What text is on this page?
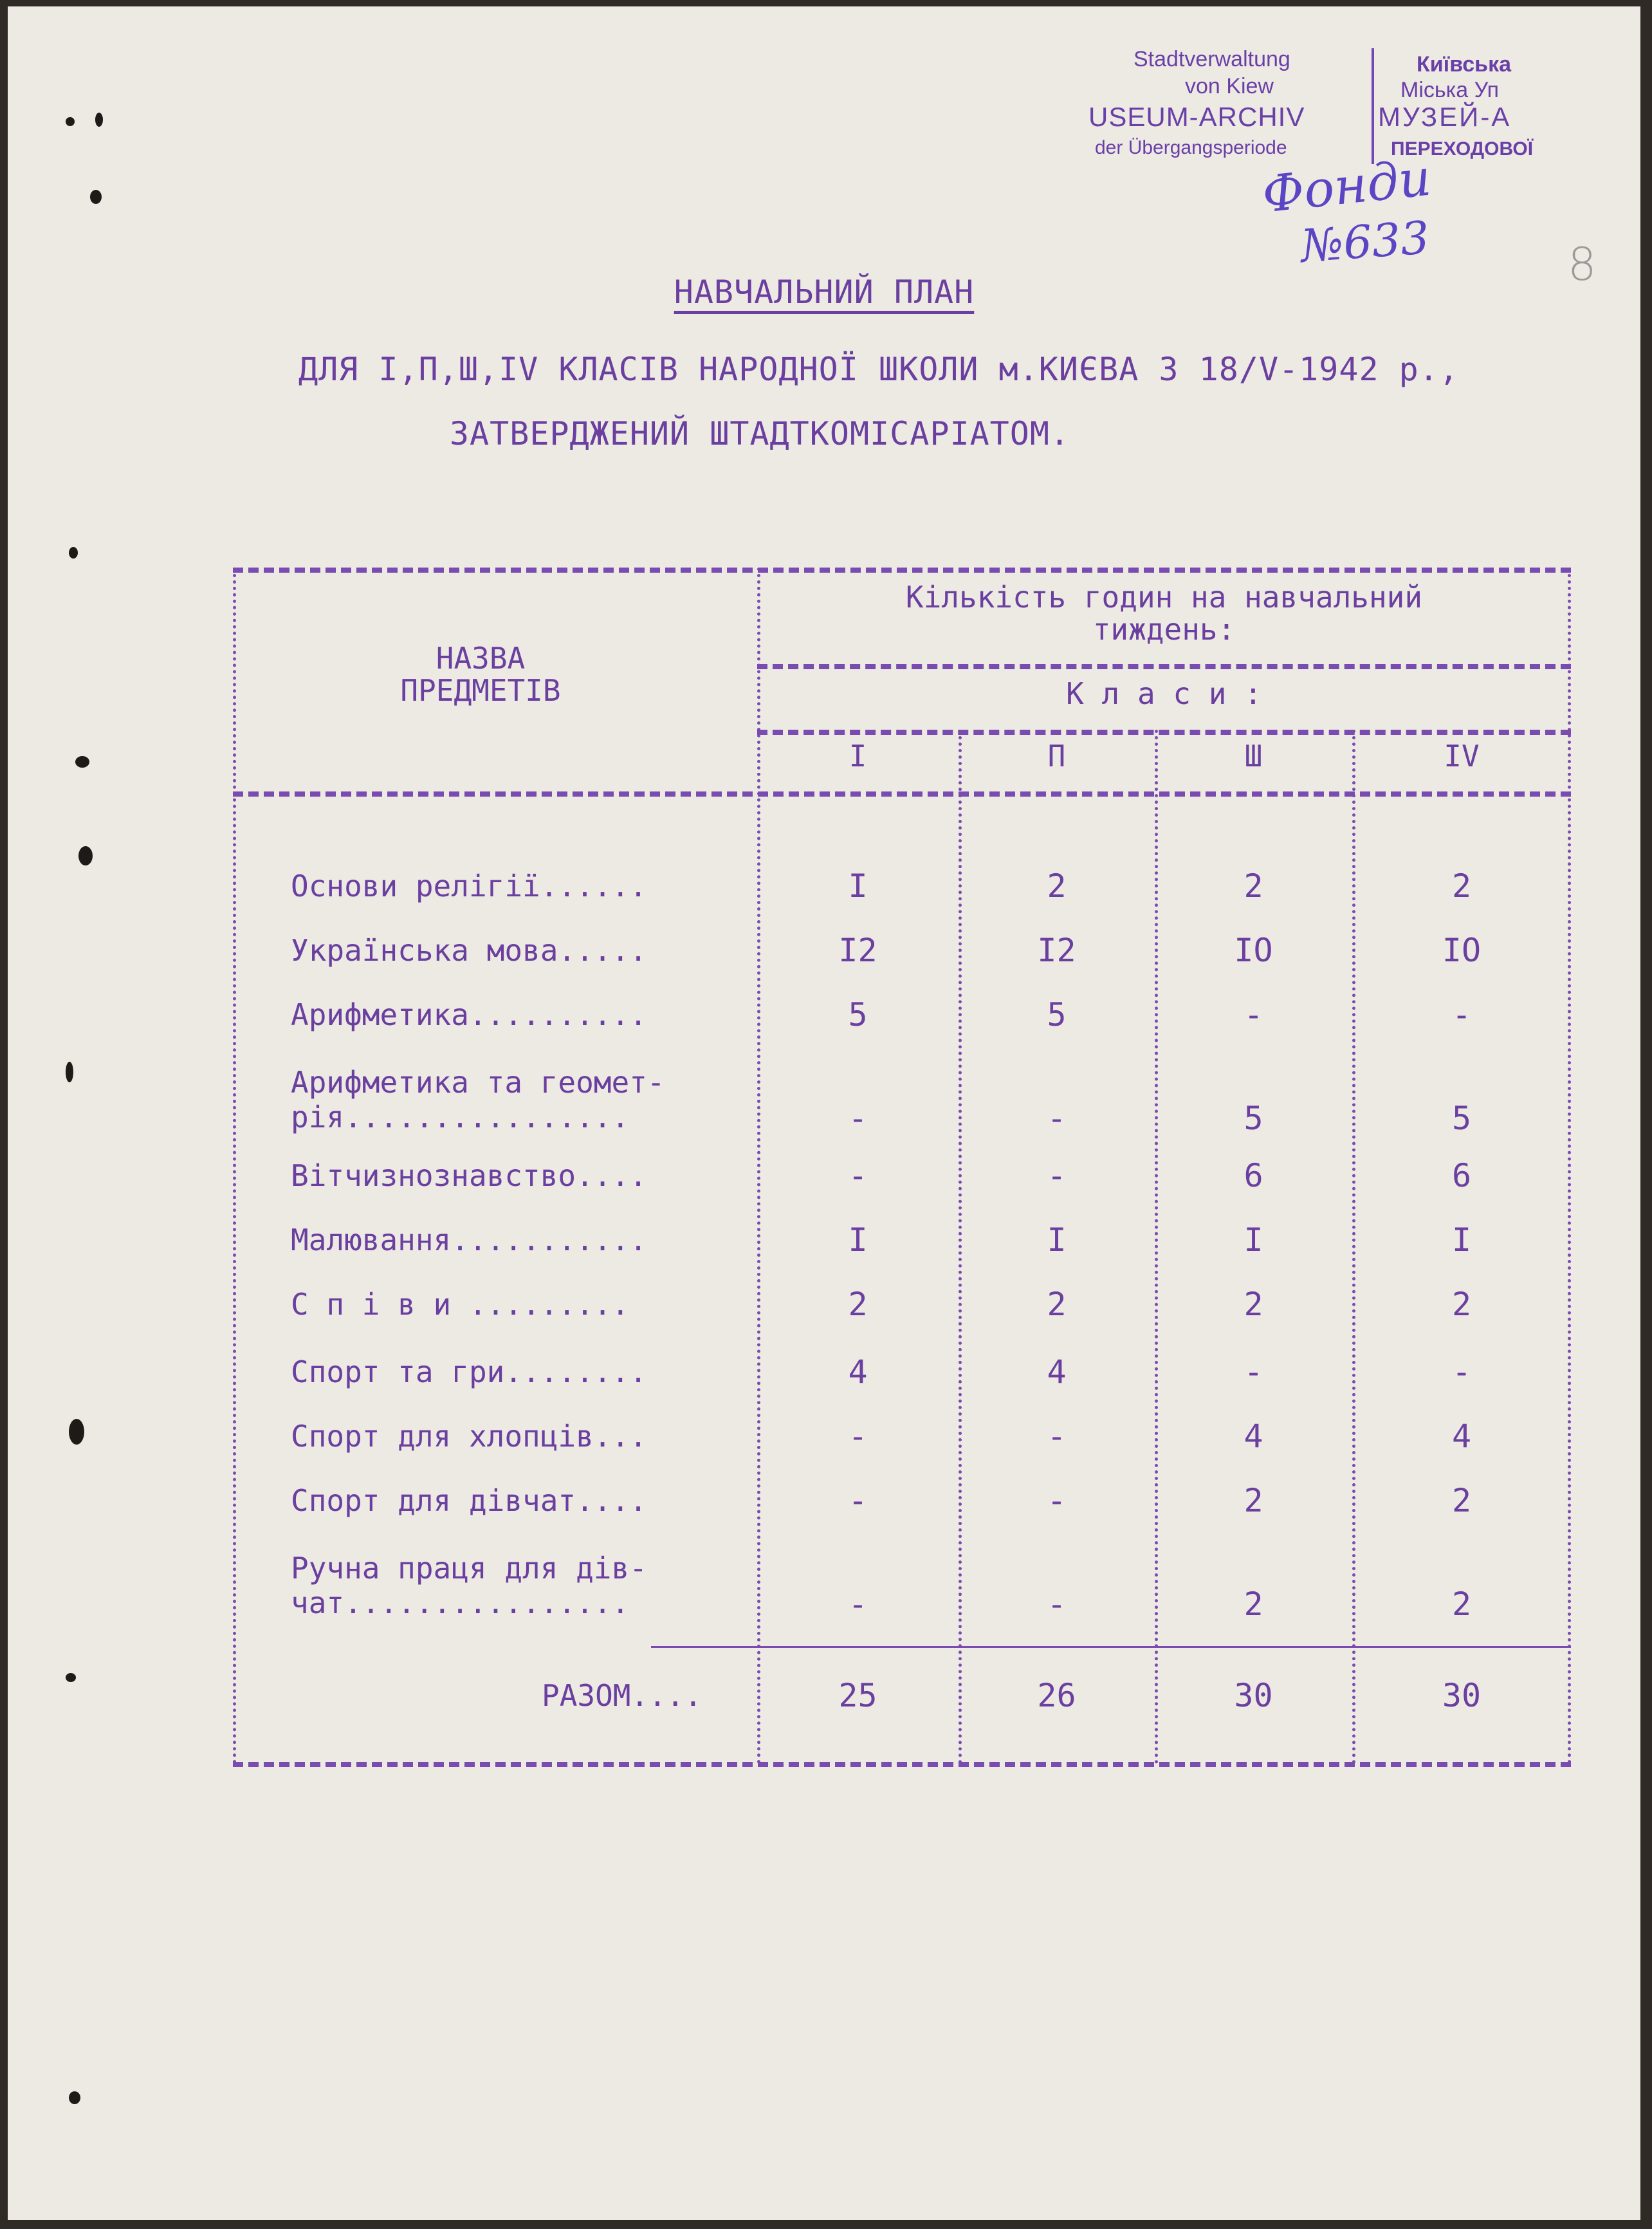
Stadtverwaltung
von Kiew
USEUM-ARCHIV
der Übergangsperiode
Київська
Міська Уп
МУЗЕЙ-А
ПЕРЕХОДОВОЇ
Фонди
№633	8
НАВЧАЛЬНИЙ ПЛАН
ДЛЯ I,П,Ш,IV КЛАСІВ НАРОДНОЇ ШКОЛИ м.КИЄВА З 18/V-1942 р.,
ЗАТВЕРДЖЕНИЙ ШТАДТКОМІСАРІАТОМ.
НАЗВА
ПРЕДМЕТІВ
Кількість годин на навчальний
тиждень:
К л а с и :
I	П	Ш	IV
Основи релігії......	I	2	2	2
Українська мова.....	I2	I2	IO	IO
Арифметика..........	5	5	-	-
Арифметика та геомет-
рія................	-	-	5	5
Вітчизнознавство....	-	-	6	6
Малювання...........	I	I	I	I
С п і в и .........	2	2	2	2
Спорт та гри........	4	4	-	-
Спорт для хлопців...	-	-	4	4
Спорт для дівчат....	-	-	2	2
Ручна праця для дів-
чат................	-	-	2	2
РАЗОМ....	25	26	30	30
